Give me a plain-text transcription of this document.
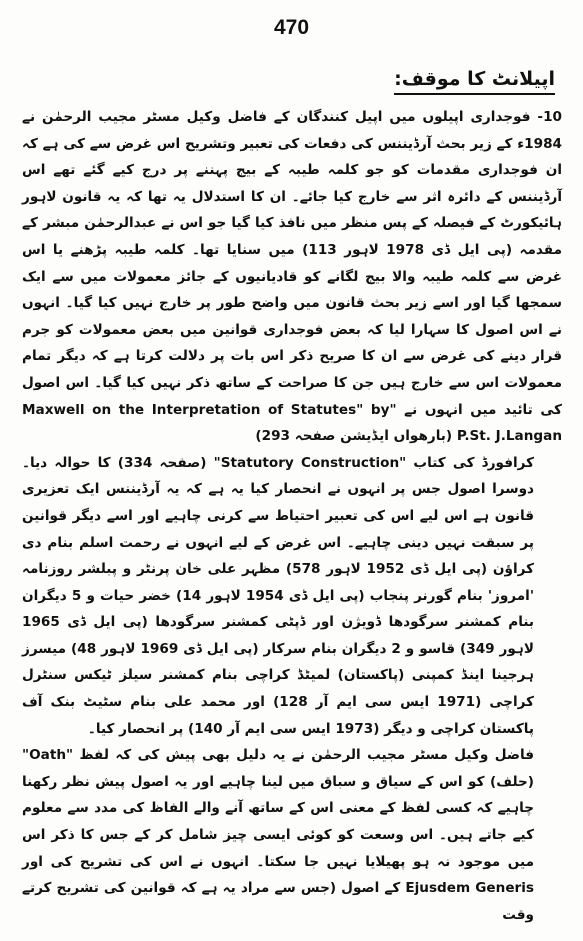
470
اپیلانٹ کا موقف:

10- فوجداری اپیلوں میں اپیل کنندگان کے فاضل وکیل مسٹر مجیب الرحمٰن نے 1984ء کے زیر بحث آرڈیننس کی دفعات کی تعبیر وتشریح اس غرض سے کی ہے کہ ان فوجداری مقدمات کو جو کلمہ طیبہ کے بیج پہننے پر درج کیے گئے تھے اس آرڈیننس کے دائرہ اثر سے خارج کیا جائے۔ ان کا استدلال یہ تھا کہ یہ قانون لاہور ہائیکورٹ کے فیصلہ کے پس منظر میں نافذ کیا گیا جو اس نے عبدالرحمٰن مبشر کے مقدمہ (پی ایل ڈی 1978 لاہور 113) میں سنایا تھا۔ کلمہ طیبہ پڑھنے یا اس غرض سے کلمہ طیبہ والا بیج لگانے کو قادیانیوں کے جائز معمولات میں سے ایک سمجھا گیا اور اسے زیر بحث قانون میں واضح طور پر خارج نہیں کیا گیا۔ انہوں نے اس اصول کا سہارا لیا کہ بعض فوجداری قوانین میں بعض معمولات کو جرم قرار دینے کی غرض سے ان کا صریح ذکر اس بات پر دلالت کرتا ہے کہ دیگر تمام معمولات اس سے خارج ہیں جن کا صراحت کے ساتھ ذکر نہیں کیا گیا۔ اس اصول کی تائید میں انہوں نے "Maxwell on the Interpretation of Statutes" by P.St. J.Langan (بارھواں ایڈیشن صفحہ 293)

کرافورڈ کی کتاب "Statutory Construction" (صفحہ 334) کا حوالہ دیا۔ دوسرا اصول جس پر انہوں نے انحصار کیا یہ ہے کہ یہ آرڈیننس ایک تعزیری قانون ہے اس لیے اس کی تعبیر احتیاط سے کرنی چاہیے اور اسے دیگر قوانین پر سبقت نہیں دینی چاہیے۔ اس غرض کے لیے انہوں نے رحمت اسلم بنام دی کراؤن (پی ایل ڈی 1952 لاہور 578) مظہر علی خان پرنٹر و پبلشر روزنامہ 'امروز' بنام گورنر پنجاب (پی ایل ڈی 1954 لاہور 14) خضر حیات و 5 دیگران بنام کمشنر سرگودھا ڈویژن اور ڈپٹی کمشنر سرگودھا (پی ایل ڈی 1965 لاہور 349) قاسو و 2 دیگران بنام سرکار (پی ایل ڈی 1969 لاہور 48) میسرز ہرجینا اینڈ کمپنی (پاکستان) لمیٹڈ کراچی بنام کمشنر سیلز ٹیکس سنٹرل کراچی (1971 ایس سی ایم آر 128) اور محمد علی بنام سٹیٹ بنک آف پاکستان کراچی و دیگر (1973 ایس سی ایم آر 140) پر انحصار کیا۔

فاضل وکیل مسٹر مجیب الرحمٰن نے یہ دلیل بھی پیش کی کہ لفظ "Oath" (حلف) کو اس کے سیاق و سباق میں لینا چاہیے اور یہ اصول پیش نظر رکھنا چاہیے کہ کسی لفظ کے معنی اس کے ساتھ آنے والے الفاظ کی مدد سے معلوم کیے جاتے ہیں۔ اس وسعت کو کوئی ایسی چیز شامل کر کے جس کا ذکر اس میں موجود نہ ہو پھیلایا نہیں جا سکتا۔ انہوں نے اس کی تشریح کی اور Ejusdem Generis کے اصول (جس سے مراد یہ ہے کہ قوانین کی تشریح کرتے وقت
